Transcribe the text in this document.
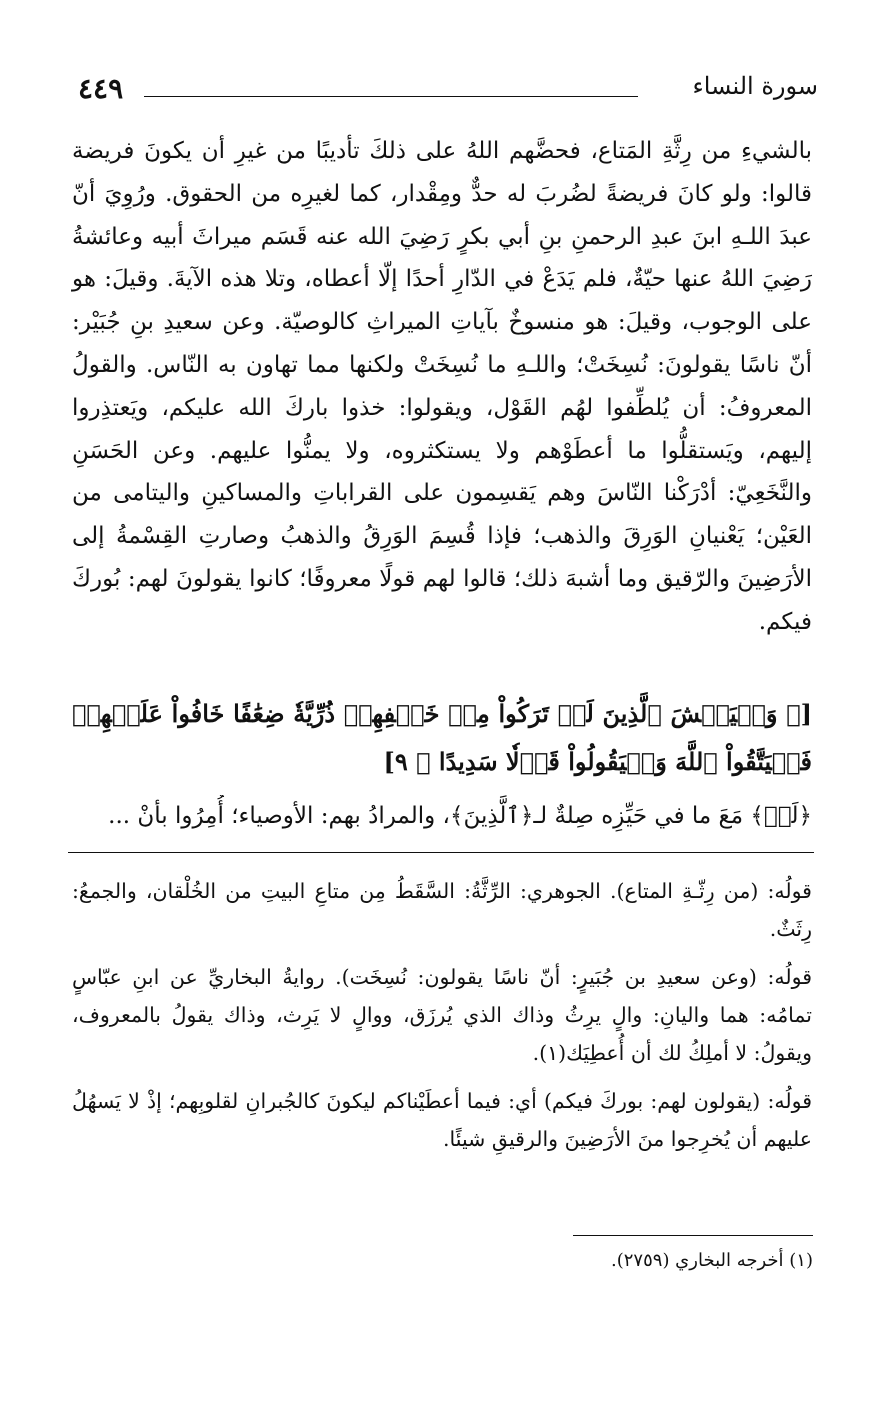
٤٤٩	سورة النساء
بالشيءِ من رِثَّةِ المَتاع، فحضَّهم اللهُ على ذلكَ تأديبًا من غيرِ أن يكونَ فريضة قالوا: ولو كانَ فريضةً لضُربَ له حدٌّ ومِقْدار، كما لغيرِه من الحقوق. ورُوِيَ أنّ عبدَ اللـهِ ابنَ عبدِ الرحمنِ بنِ أبي بكرٍ رَضِيَ الله عنه قَسَم ميراثَ أبيه وعائشةُ رَضِيَ اللهُ عنها حيّةٌ، فلم يَدَعْ في الدّارِ أحدًا إلّا أعطاه، وتلا هذه الآيةَ. وقيلَ: هو على الوجوب، وقيلَ: هو منسوخٌ بآياتِ الميراثِ كالوصيّة. وعن سعيدِ بنِ جُبَيْر: أنّ ناسًا يقولونَ: نُسِخَتْ؛ واللـهِ ما نُسِخَتْ ولكنها مما تهاون به النّاس. والقولُ المعروفُ: أن يُلطِّفوا لهُم القَوْل، ويقولوا: خذوا باركَ الله عليكم، ويَعتذِروا إليهم، ويَستقلُّوا ما أعطَوْهم ولا يستكثروه، ولا يمنُّوا عليهم. وعن الحَسَنِ والنَّخَعِيّ: أدْرَكْنا النّاسَ وهم يَقسِمون على القراباتِ والمساكينِ واليتامى من العَيْن؛ يَعْنيانِ الوَرِقَ والذهب؛ فإذا قُسِمَ الوَرِقُ والذهبُ وصارتِ القِسْمةُ إلى الأرَضِينَ والرّقيق وما أشبهَ ذلك؛ قالوا لهم قولًا معروفًا؛ كانوا يقولونَ لهم: بُوركَ فيكم.
[﴿ وَلۡيَخۡشَ ٱلَّذِينَ لَوۡ تَرَكُواْ مِنۡ خَلۡفِهِمۡ ذُرِّيَّةٗ ضِعَٰفًا خَافُواْ عَلَيۡهِمۡ فَلۡيَتَّقُواْ ٱللَّهَ وَلۡيَقُولُواْ قَوۡلٗا سَدِيدًا ﴾ ٩]
﴿لَوۡ﴾ مَعَ ما في حَيِّزِه صِلةٌ لـ﴿ٱلَّذِينَ﴾، والمرادُ بهم: الأوصياء؛ أُمِرُوا بأنْ ...

قولُه: (من رِثّـةِ المتاع). الجوهري: الرِّثَّةُ: السَّقَطُ مِن متاعِ البيتِ من الخُلْقان، والجمعُ: رِثَثٌ.

قولُه: (وعن سعيدِ بن جُبَيرٍ: أنّ ناسًا يقولون: نُسِخَت). روايةُ البخاريِّ عن ابنِ عبّاسٍ تمامُه: هما واليانِ: والٍ يرِثُ وذاك الذي يُرزَق، ووالٍ لا يَرِث، وذاك يقولُ بالمعروف، ويقولُ: لا أملِكُ لك أن أُعطِيَك(١).

قولُه: (يقولون لهم: بوركَ فيكم) أي: فيما أعطَيْناكم ليكونَ كالجُبرانِ لقلوبِهم؛ إذْ لا يَسهُلُ عليهم أن يُخرِجوا منَ الأرَضِينَ والرقيقِ شيئًا.

(١) أخرجه البخاري (٢٧٥٩).
